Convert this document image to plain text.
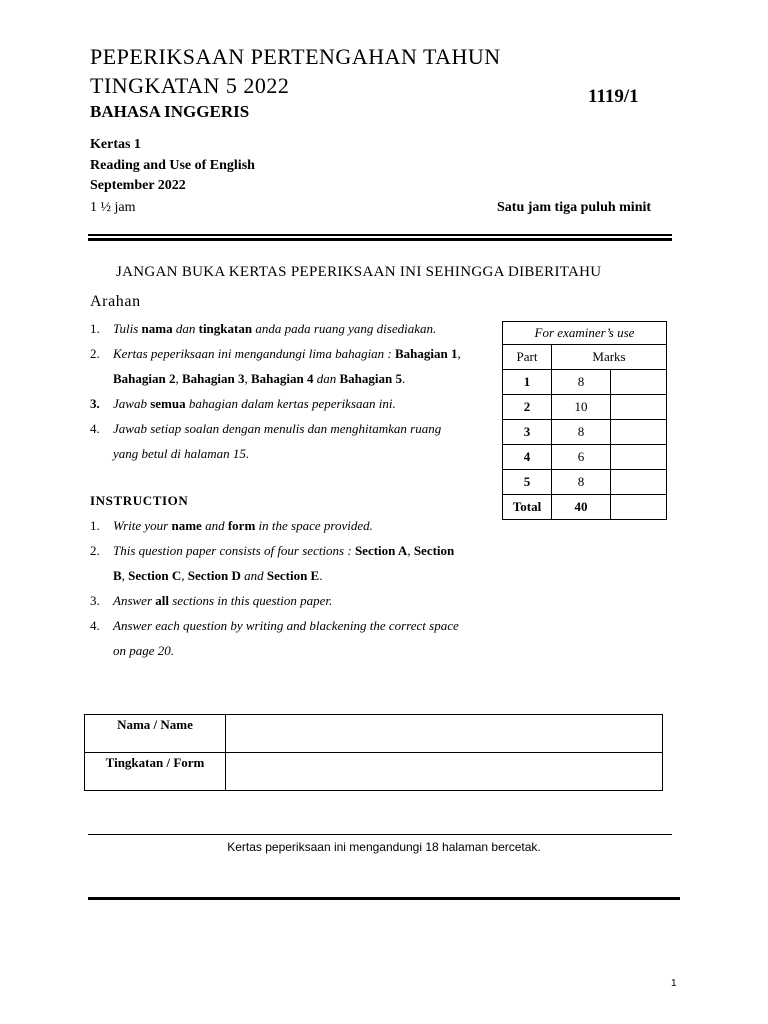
PEPERIKSAAN PERTENGAHAN TAHUN
TINGKATAN 5 2022
BAHASA INGGERIS
1119/1
Kertas 1
Reading and Use of English
September 2022
1 ½ jam	Satu jam tiga puluh minit
JANGAN BUKA KERTAS PEPERIKSAAN INI SEHINGGA DIBERITAHU
Arahan
1. Tulis nama dan tingkatan anda pada ruang yang disediakan.
2. Kertas peperiksaan ini mengandungi lima bahagian : Bahagian 1,
Bahagian 2, Bahagian 3, Bahagian 4 dan Bahagian 5.
3. Jawab semua bahagian dalam kertas peperiksaan ini.
4. Jawab setiap soalan dengan menulis dan menghitamkan ruang
yang betul di halaman 15.
INSTRUCTION
1. Write your name and form in the space provided.
2. This question paper consists of four sections : Section A, Section
B, Section C, Section D and Section E.
3. Answer all sections in this question paper.
4. Answer each question by writing and blackening the correct space
on page 20.
For examiner’s use		
Part	Marks	
1	8	
2	10	
3	8	
4	6	
5	8	
Total	40	
Nama / Name	
Tingkatan / Form	
Kertas peperiksaan ini mengandungi 18 halaman bercetak.
1
